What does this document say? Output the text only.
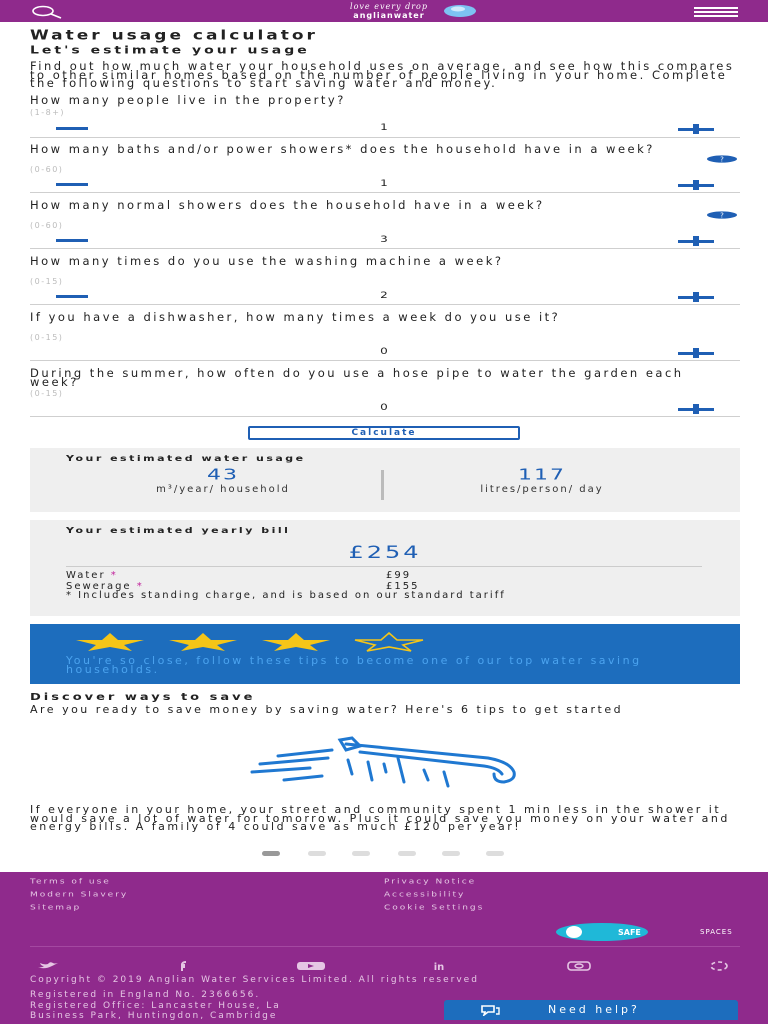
love every drop
anglianwater
Water usage calculator
Let's estimate your usage
Find out how much water your household uses on average, and see how this compares to other similar homes based on the number of people living in your home. Complete the following questions to start saving water and money.
How many people live in the property?
(1-8+)
1
How many baths and/or power showers* does the household have in a week?
?
(0-60)
1
How many normal showers does the household have in a week?
?
(0-60)
3
How many times do you use the washing machine a week?
(0-15)
2
If you have a dishwasher, how many times a week do you use it?
(0-15)
0
During the summer, how often do you use a hose pipe to water the garden each week?
(0-15)
0
Calculate
Your estimated water usage
43
m³/year/ household
117
litres/person/ day
Your estimated yearly bill
£254
Water *	£99
Sewerage *	£155
* Includes standing charge, and is based on our standard tariff
You're so close, follow these tips to become one of our top water saving households.
Discover ways to save
Are you ready to save money by saving water? Here's 6 tips to get started
If everyone in your home, your street and community spent 1 min less in the shower it would save a lot of water for tomorrow. Plus it could save you money on your water and energy bills. A family of 4 could save as much £120 per year!
Terms of use
Modern Slavery
Sitemap
Privacy Notice
Accessibility
Cookie Settings
SAFE	SPACES
in
Copyright © 2019 Anglian Water Services Limited. All rights reserved
Registered in England No. 2366656.
Registered Office: Lancaster House, La
Business Park, Huntingdon, Cambridge	Need help?
